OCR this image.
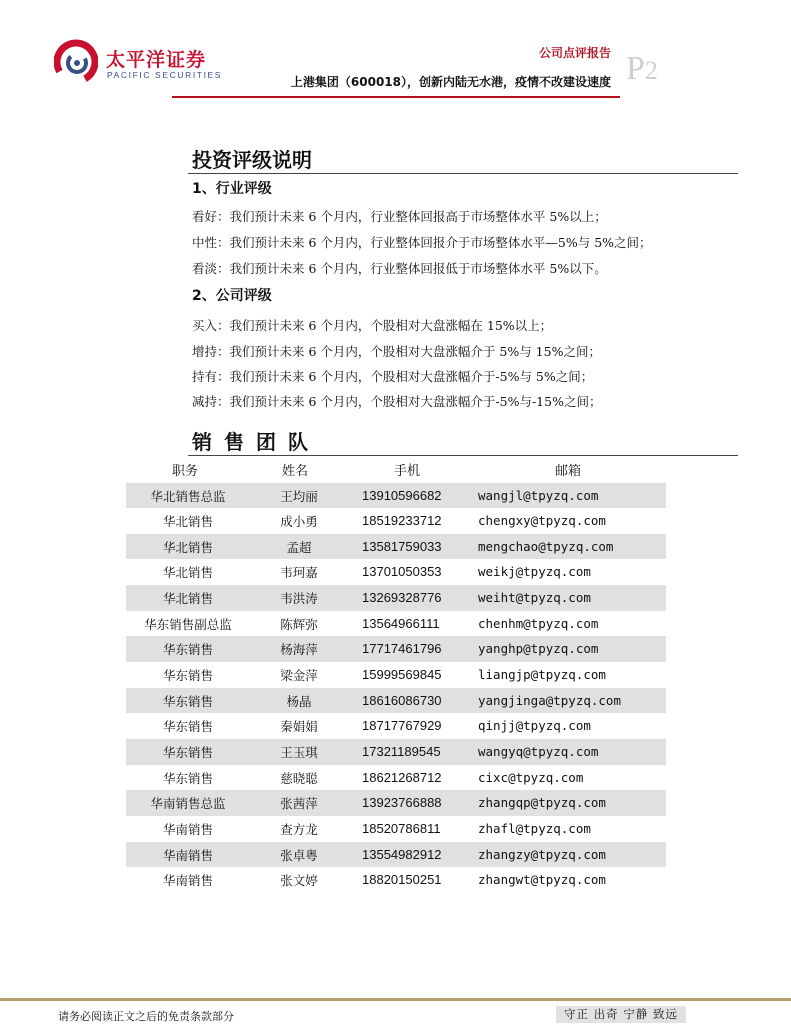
太平洋证券
PACIFIC SECURITIES
公司点评报告 P2
上港集团（600018），创新内陆无水港，疫情不改建设速度
投资评级说明
1、行业评级
看好：我们预计未来 6 个月内，行业整体回报高于市场整体水平 5%以上；
中性：我们预计未来 6 个月内，行业整体回报介于市场整体水平—5%与 5%之间；
看淡：我们预计未来 6 个月内，行业整体回报低于市场整体水平 5%以下。
2、公司评级
买入：我们预计未来 6 个月内，个股相对大盘涨幅在 15%以上；
增持：我们预计未来 6 个月内，个股相对大盘涨幅介于 5%与 15%之间；
持有：我们预计未来 6 个月内，个股相对大盘涨幅介于-5%与 5%之间；
减持：我们预计未来 6 个月内，个股相对大盘涨幅介于-5%与-15%之间；
销售团队
职务	姓名	手机	邮箱
华北销售总监	王均丽	13910596682	wangjl@tpyzq.com
华北销售	成小勇	18519233712	chengxy@tpyzq.com
华北销售	孟超	13581759033	mengchao@tpyzq.com
华北销售	韦珂嘉	13701050353	weikj@tpyzq.com
华北销售	韦洪涛	13269328776	weiht@tpyzq.com
华东销售副总监	陈辉弥	13564966111	chenhm@tpyzq.com
华东销售	杨海萍	17717461796	yanghp@tpyzq.com
华东销售	梁金萍	15999569845	liangjp@tpyzq.com
华东销售	杨晶	18616086730	yangjinga@tpyzq.com
华东销售	秦娟娟	18717767929	qinjj@tpyzq.com
华东销售	王玉琪	17321189545	wangyq@tpyzq.com
华东销售	慈晓聪	18621268712	cixc@tpyzq.com
华南销售总监	张茜萍	13923766888	zhangqp@tpyzq.com
华南销售	查方龙	18520786811	zhafl@tpyzq.com
华南销售	张卓粤	13554982912	zhangzy@tpyzq.com
华南销售	张文婷	18820150251	zhangwt@tpyzq.com
请务必阅读正文之后的免责条款部分	守正 出奇 宁静 致远
